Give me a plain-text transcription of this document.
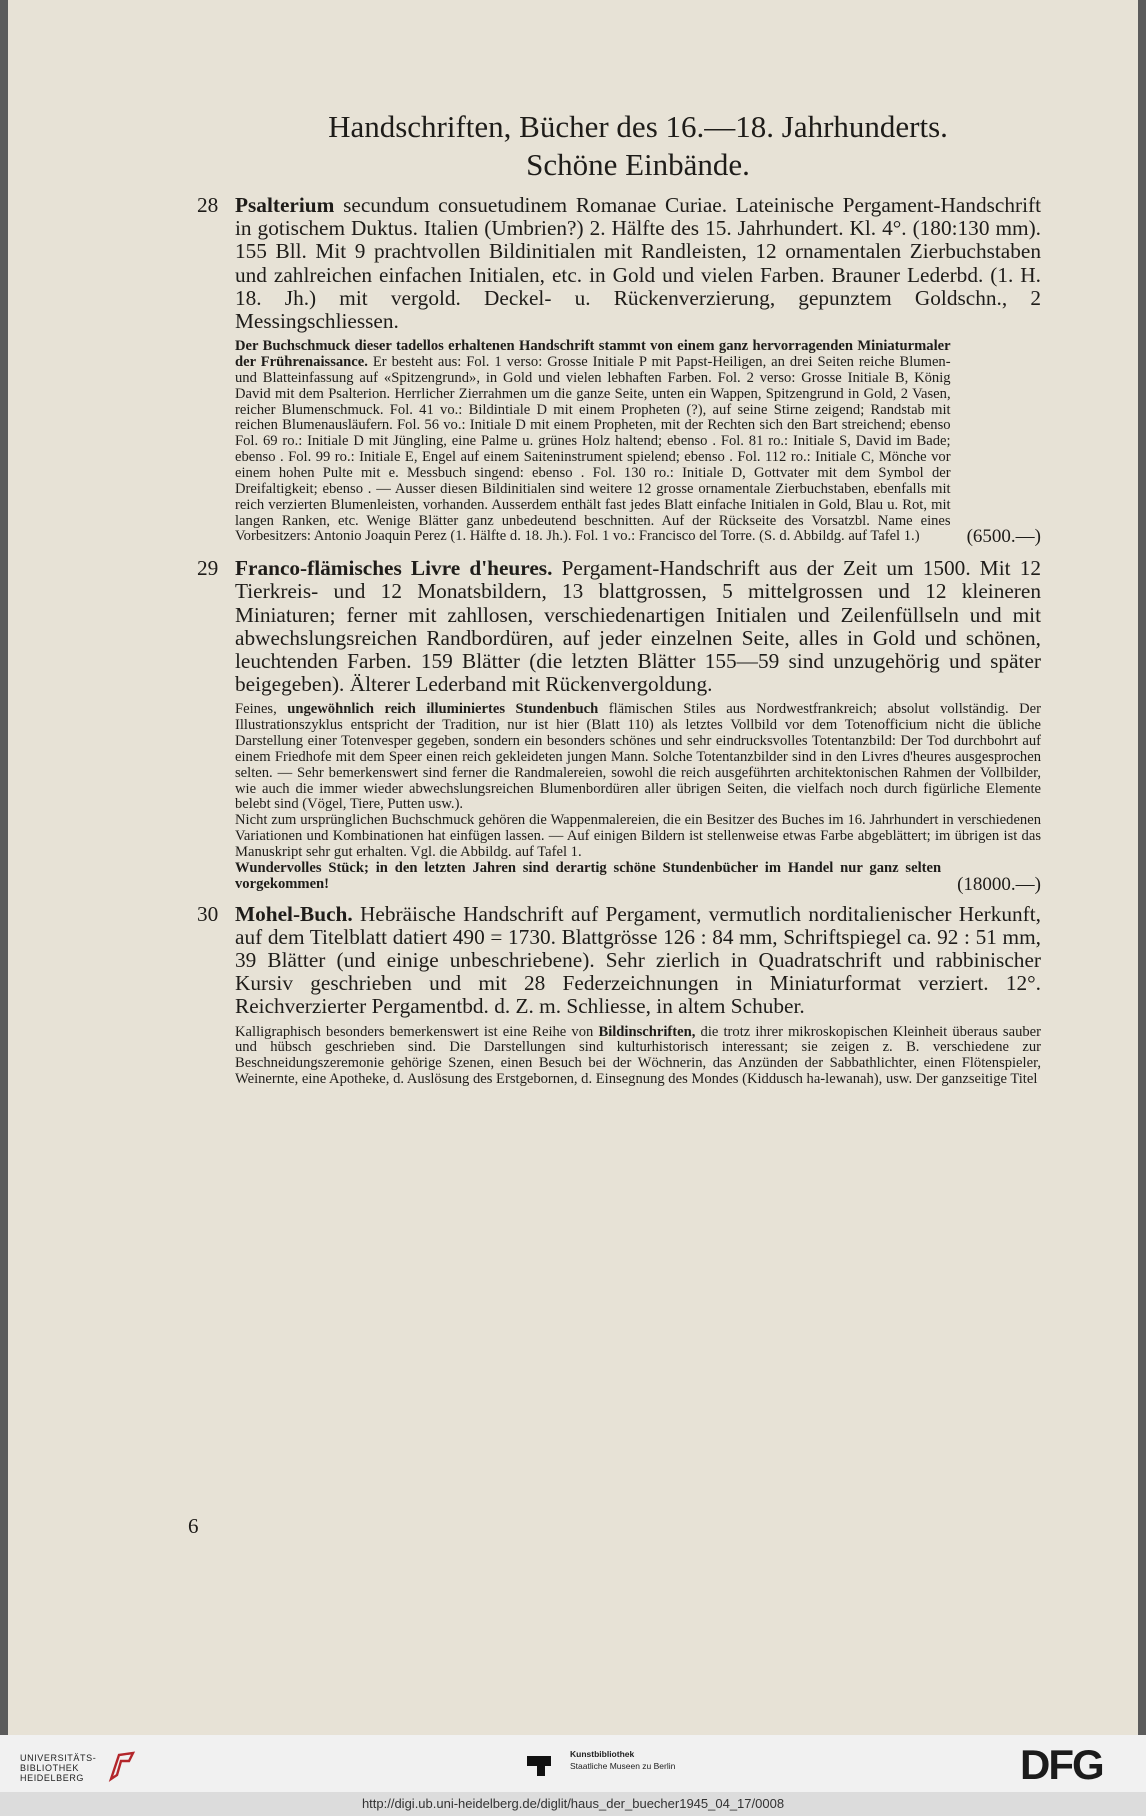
Handschriften, Bücher des 16.—18. Jahrhunderts.
Schöne Einbände.
28 Psalterium secundum consuetudinem Romanae Curiae. Lateinische Pergament-Handschrift in gotischem Duktus. Italien (Umbrien?) 2. Hälfte des 15. Jahrhundert. Kl. 4°. (180:130 mm). 155 Bll. Mit 9 prachtvollen Bildinitialen mit Randleisten, 12 ornamentalen Zierbuchstaben und zahlreichen einfachen Initialen, etc. in Gold und vielen Farben. Brauner Lederbd. (1. H. 18. Jh.) mit vergold. Deckel- u. Rückenverzierung, gepunztem Goldschn., 2 Messingschliessen.

Der Buchschmuck dieser tadellos erhaltenen Handschrift stammt von einem ganz hervorragenden Miniaturmaler der Frührenaissance. Er besteht aus: Fol. 1 verso: Grosse Initiale P mit Papst-Heiligen, an drei Seiten reiche Blumen- und Blatteinfassung auf «Spitzengrund», in Gold und vielen lebhaften Farben. Fol. 2 verso: Grosse Initiale B, König David mit dem Psalterion. Herrlicher Zierrahmen um die ganze Seite, unten ein Wappen, Spitzengrund in Gold, 2 Vasen, reicher Blumenschmuck. Fol. 41 vo.: Bildintiale D mit einem Propheten (?), auf seine Stirne zeigend; Randstab mit reichen Blumenausläufern. Fol. 56 vo.: Initiale D mit einem Propheten, mit der Rechten sich den Bart streichend; ebenso Fol. 69 ro.: Initiale D mit Jüngling, eine Palme u. grünes Holz haltend; ebenso . Fol. 81 ro.: Initiale S, David im Bade; ebenso . Fol. 99 ro.: Initiale E, Engel auf einem Saiteninstrument spielend; ebenso . Fol. 112 ro.: Initiale C, Mönche vor einem hohen Pulte mit e. Messbuch singend: ebenso . Fol. 130 ro.: Initiale D, Gottvater mit dem Symbol der Dreifaltigkeit; ebenso . — Ausser diesen Bildinitialen sind weitere 12 grosse ornamentale Zierbuchstaben, ebenfalls mit reich verzierten Blumenleisten, vorhanden. Ausserdem enthält fast jedes Blatt einfache Initialen in Gold, Blau u. Rot, mit langen Ranken, etc. Wenige Blätter ganz unbedeutend beschnitten. Auf der Rückseite des Vorsatzbl. Name eines Vorbesitzers: Antonio Joaquin Perez (1. Hälfte d. 18. Jh.). Fol. 1 vo.: Francisco del Torre. (S. d. Abbildg. auf Tafel 1.)	(6500.—)

29 Franco-flämisches Livre d'heures. Pergament-Handschrift aus der Zeit um 1500. Mit 12 Tierkreis- und 12 Monatsbildern, 13 blattgrossen, 5 mittelgrossen und 12 kleineren Miniaturen; ferner mit zahllosen, verschiedenartigen Initialen und Zeilenfüllseln und mit abwechslungsreichen Randbordüren, auf jeder einzelnen Seite, alles in Gold und schönen, leuchtenden Farben. 159 Blätter (die letzten Blätter 155—59 sind unzugehörig und später beigegeben). Älterer Lederband mit Rückenvergoldung.

Feines, ungewöhnlich reich illuminiertes Stundenbuch flämischen Stiles aus Nordwestfrankreich; absolut vollständig. Der Illustrationszyklus entspricht der Tradition, nur ist hier (Blatt 110) als letztes Vollbild vor dem Totenofficium nicht die übliche Darstellung einer Totenvesper gegeben, sondern ein besonders schönes und sehr eindrucksvolles Totentanzbild: Der Tod durchbohrt auf einem Friedhofe mit dem Speer einen reich gekleideten jungen Mann. Solche Totentanzbilder sind in den Livres d'heures ausgesprochen selten. — Sehr bemerkenswert sind ferner die Randmalereien, sowohl die reich ausgeführten architektonischen Rahmen der Vollbilder, wie auch die immer wieder abwechslungsreichen Blumenbordüren aller übrigen Seiten, die vielfach noch durch figürliche Elemente belebt sind (Vögel, Tiere, Putten usw.).

Nicht zum ursprünglichen Buchschmuck gehören die Wappenmalereien, die ein Besitzer des Buches im 16. Jahrhundert in verschiedenen Variationen und Kombinationen hat einfügen lassen. — Auf einigen Bildern ist stellenweise etwas Farbe abgeblättert; im übrigen ist das Manuskript sehr gut erhalten. Vgl. die Abbildg. auf Tafel 1.

Wundervolles Stück; in den letzten Jahren sind derartig schöne Stundenbücher im Handel nur ganz selten vorgekommen!	(18000.—)

30 Mohel-Buch. Hebräische Handschrift auf Pergament, vermutlich norditalienischer Herkunft, auf dem Titelblatt datiert 490 = 1730. Blattgrösse 126 : 84 mm, Schriftspiegel ca. 92 : 51 mm, 39 Blätter (und einige unbeschriebene). Sehr zierlich in Quadratschrift und rabbinischer Kursiv geschrieben und mit 28 Federzeichnungen in Miniaturformat verziert. 12°. Reichverzierter Pergamentbd. d. Z. m. Schliesse, in altem Schuber.

Kalligraphisch besonders bemerkenswert ist eine Reihe von Bildinschriften, die trotz ihrer mikroskopischen Kleinheit überaus sauber und hübsch geschrieben sind. Die Darstellungen sind kulturhistorisch interessant; sie zeigen z. B. verschiedene zur Beschneidungszeremonie gehörige Szenen, einen Besuch bei der Wöchnerin, das Anzünden der Sabbathlichter, einen Flötenspieler, Weinernte, eine Apotheke, d. Auslösung des Erstgebornen, d. Einsegnung des Mondes (Kiddusch ha-lewanah), usw. Der ganzseitige Titel

6
UNIVERSITÄTS-
BIBLIOTHEK
HEIDELBERG
Kunstbibliothek
Staatliche Museen zu Berlin	DFG
http://digi.ub.uni-heidelberg.de/diglit/haus_der_buecher1945_04_17/0008
